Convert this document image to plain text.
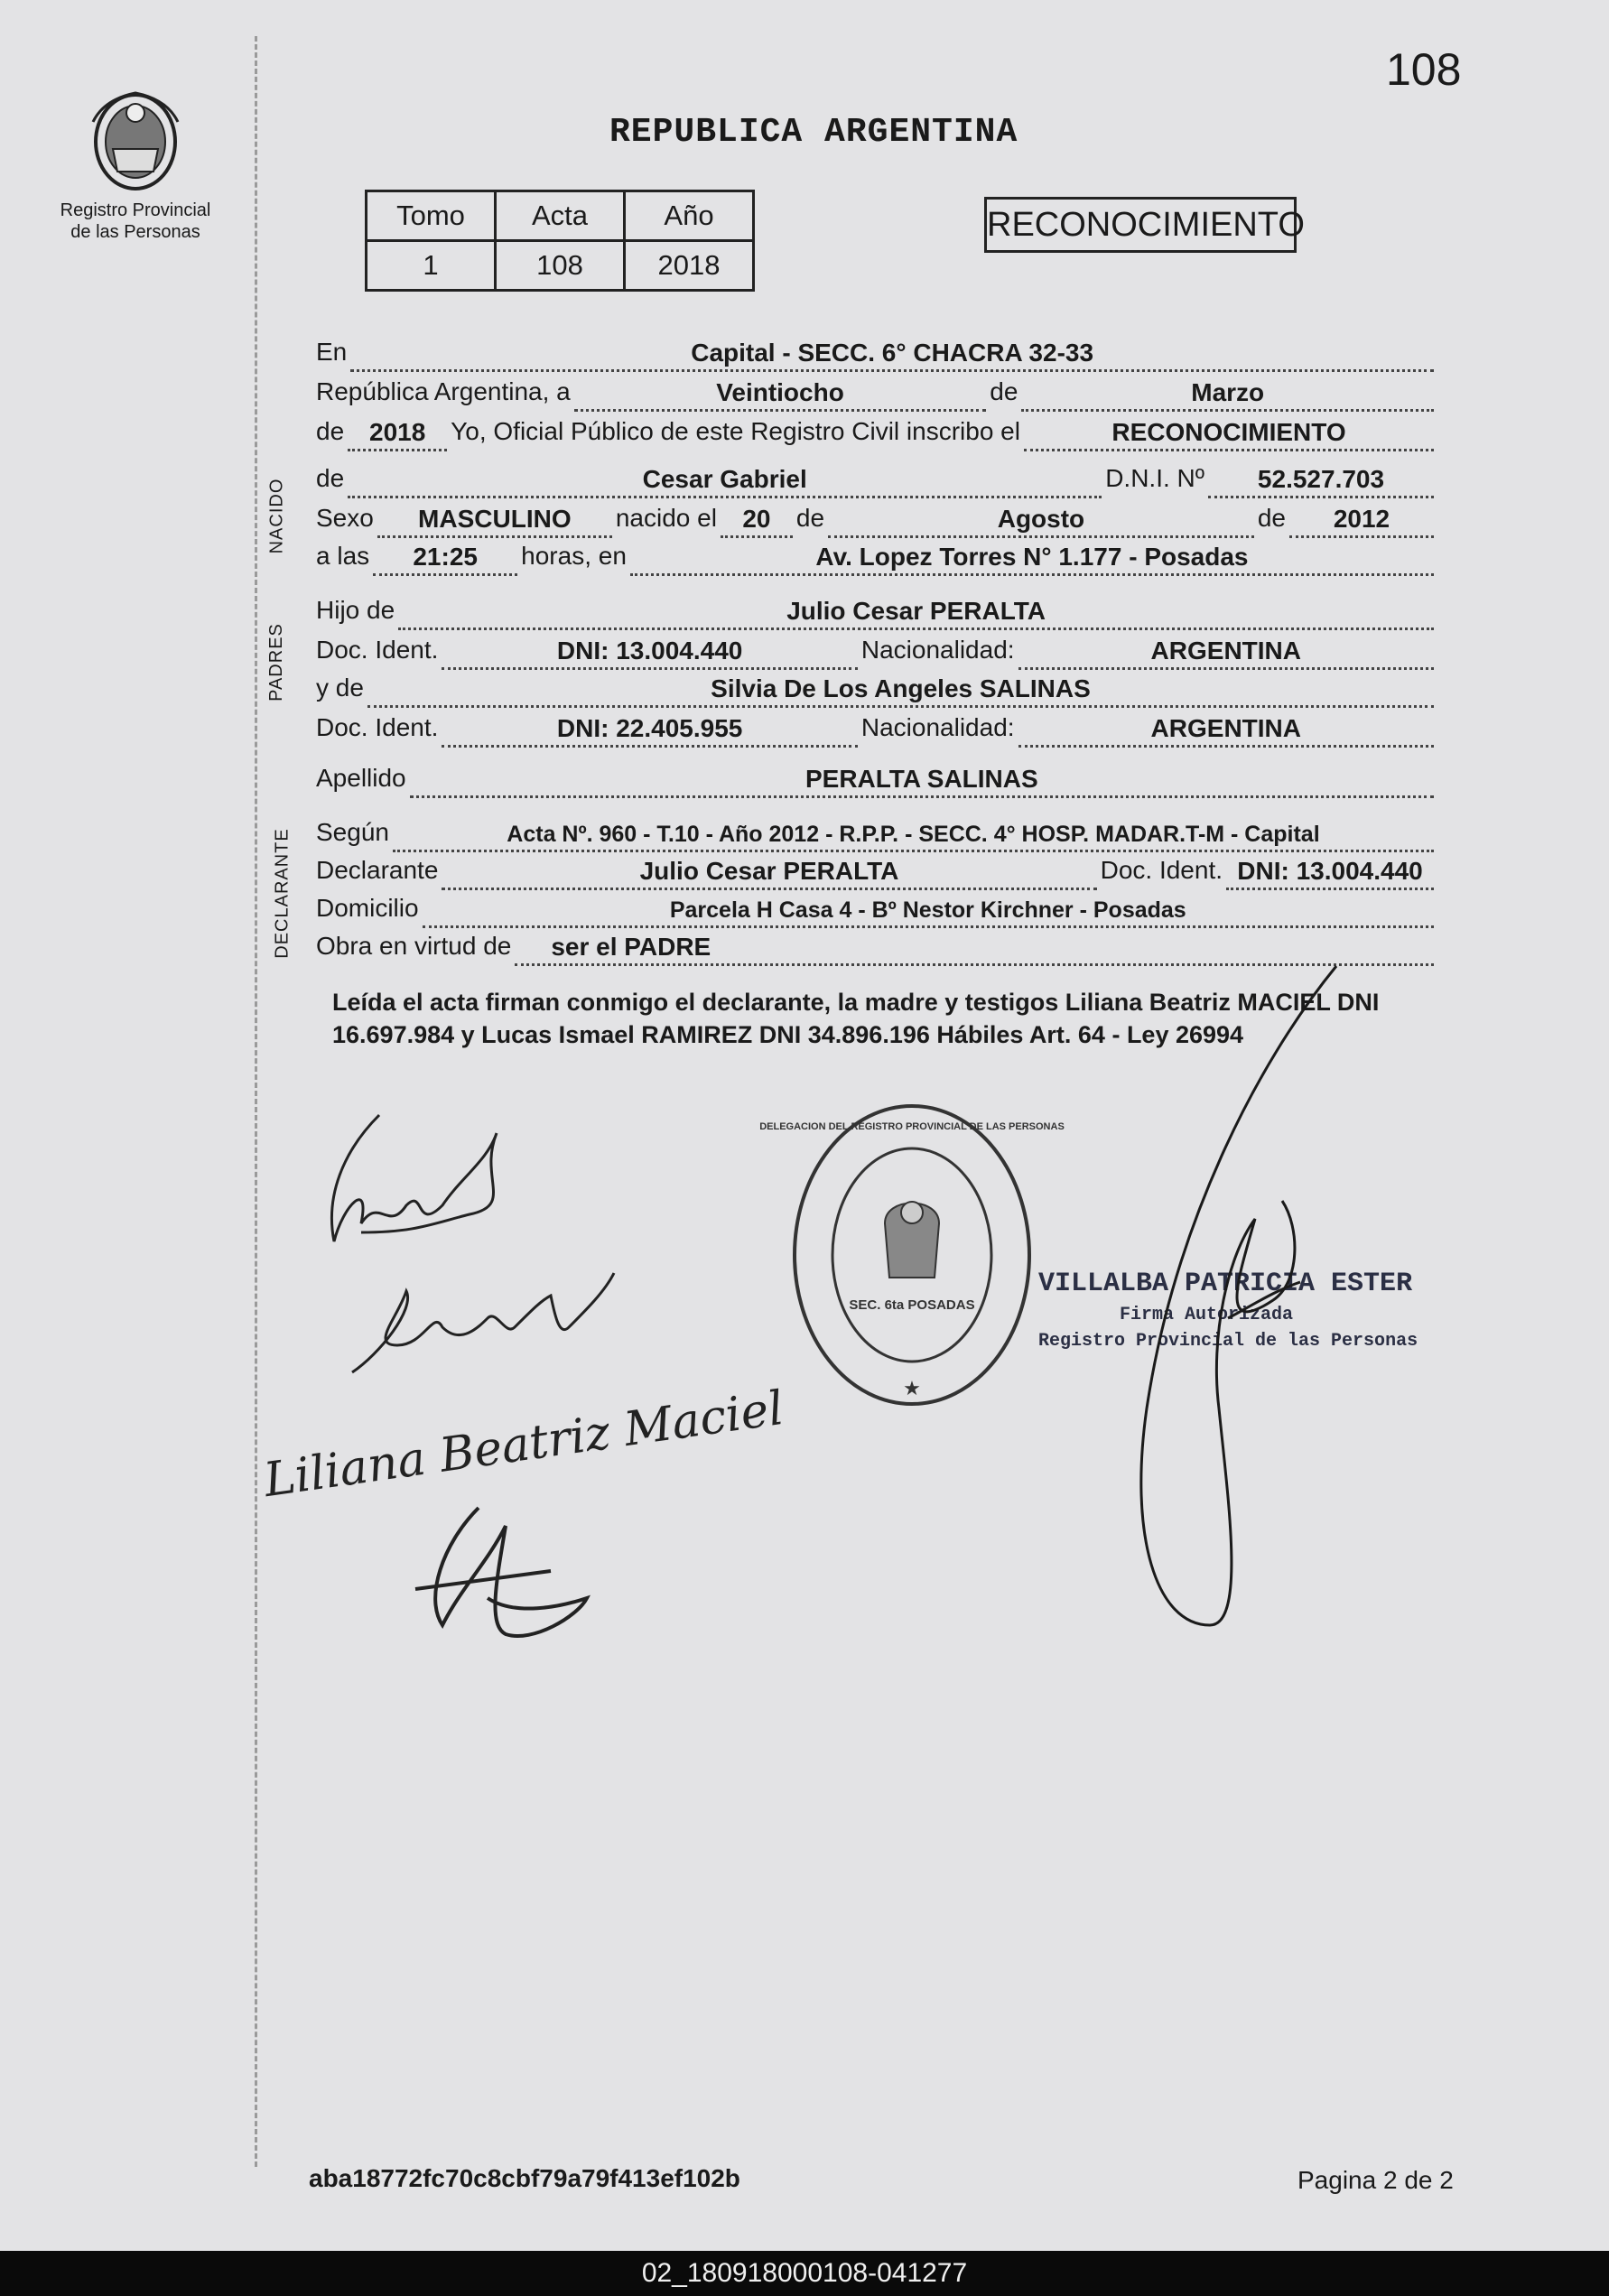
108
Registro Provincial
de las Personas
REPUBLICA ARGENTINA
Tomo	Acta	Año
1	108	2018
RECONOCIMIENTO
NACIDO
PADRES
DECLARANTE
En	Capital - SECC. 6° CHACRA 32-33
República Argentina, a	Veintiocho	de	Marzo
de 2018 Yo, Oficial Público de este Registro Civil inscribo el	RECONOCIMIENTO
de	Cesar Gabriel	D.N.I. Nº	52.527.703
Sexo	MASCULINO	nacido el	20	de	Agosto	de	2012
a las	21:25	horas, en	Av. Lopez Torres N° 1.177 - Posadas
Hijo de	Julio Cesar PERALTA
Doc. Ident.	DNI: 13.004.440	Nacionalidad:	ARGENTINA
y de	Silvia De Los Angeles SALINAS
Doc. Ident.	DNI: 22.405.955	Nacionalidad:	ARGENTINA
Apellido	PERALTA SALINAS
Según	Acta Nº. 960 - T.10 - Año 2012 - R.P.P. - SECC. 4° HOSP. MADAR.T-M - Capital
Declarante	Julio Cesar PERALTA	Doc. Ident. DNI: 13.004.440
Domicilio	Parcela H Casa 4 - Bº Nestor Kirchner - Posadas
Obra en virtud de	ser el PADRE
Leída el acta firman conmigo el declarante, la madre y testigos Liliana Beatriz MACIEL DNI 16.697.984 y Lucas Ismael RAMIREZ DNI 34.896.196 Hábiles Art. 64 - Ley 26994
Liliana Beatriz Maciel
SEC. 6ta POSADAS
DELEGACION DEL REGISTRO PROVINCIAL DE LAS PERSONAS
★
VILLALBA PATRICIA ESTER
Firma Autorizada
Registro Provincial de las Personas
aba18772fc70c8cbf79a79f413ef102b	Pagina 2 de 2
02_180918000108-041277
